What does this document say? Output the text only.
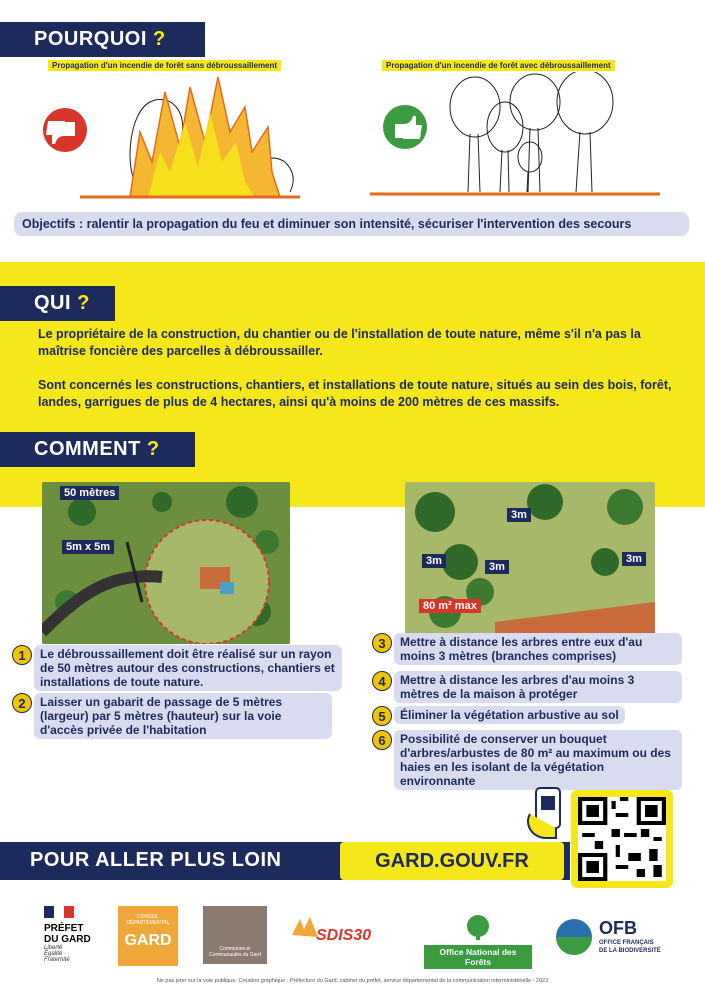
POURQUOI ?
Propagation d'un incendie de forêt sans débroussaillement	Propagation d'un incendie de forêt avec débroussaillement
Objectifs : ralentir la propagation du feu et diminuer son intensité, sécuriser l'intervention des secours
QUI ?
Le propriétaire de la construction, du chantier ou de l'installation de toute nature, même s'il n'a pas la maîtrise foncière des parcelles à débroussailler.
Sont concernés les constructions, chantiers, et installations de toute nature, situés au sein des bois, forêt, landes, garrigues de plus de 4 hectares, ainsi qu'à moins de 200 mètres de ces massifs.
COMMENT ?
50 mètres
5m x 5m
3m
3m	3m
3m
80 m² max
1	Le débroussaillement doit être réalisé sur un rayon de 50 mètres autour des constructions, chantiers et installations de toute nature.
2	Laisser un gabarit de passage de 5 mètres (largeur) par 5 mètres (hauteur) sur la voie d'accès privée de l'habitation
3	Mettre à distance les arbres entre eux d'au moins 3 mètres (branches comprises)
4	Mettre à distance les arbres d'au moins 3 mètres de la maison à protéger
5	Éliminer la végétation arbustive au sol
6	Possibilité de conserver un bouquet d'arbres/arbustes de 80 m² au maximum ou des haies en les isolant de la végétation environnante
POUR ALLER PLUS LOIN	GARD.GOUV.FR
PRÉFET
DU GARD
Liberté
Égalité
Fraternité
CONSEIL DÉPARTEMENTAL
GARD	Communes et Communautés du Gard
SDIS30
Office National des Forêts
OFB
OFFICE FRANÇAIS
DE LA BIODIVERSITÉ
Ne pas jeter sur la voie publique. Création graphique : Préfecture du Gard, cabinet du préfet, service départemental de la communication interministérielle - 2023
